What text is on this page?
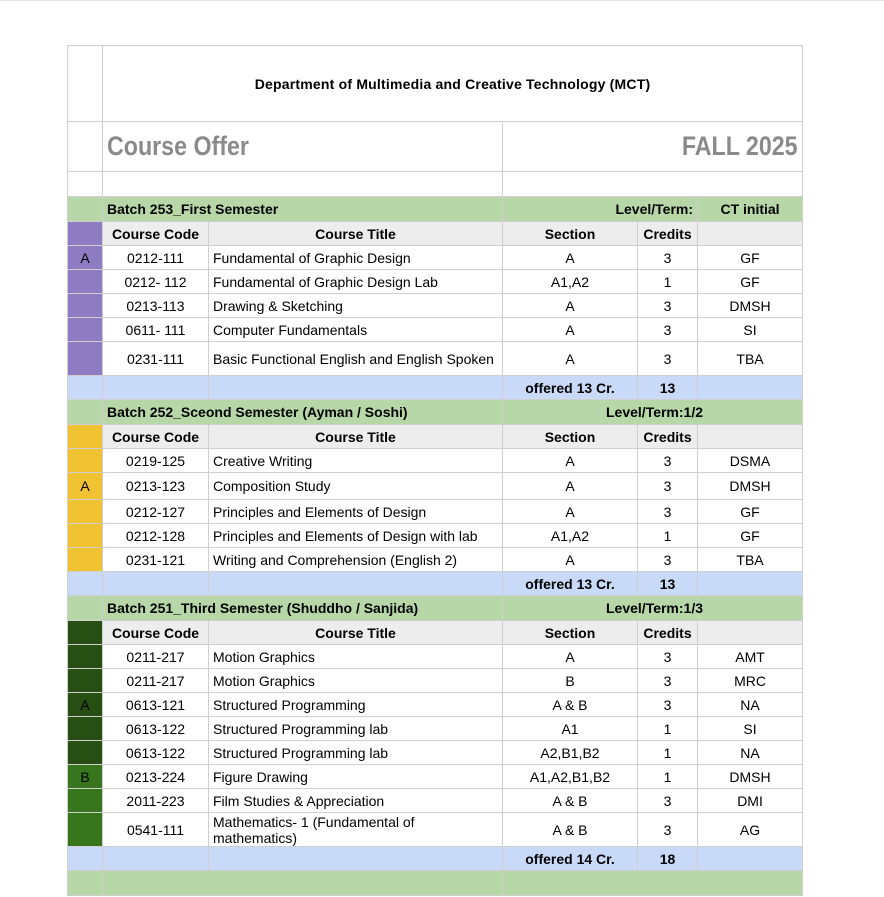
	Department of Multimedia and Creative Technology (MCT)				
	Course Offer		FALL 2025		

	Batch 253_First Semester		Level/Term:		CT initial
	Course Code	Course Title	Section	Credits	
A	0212-111	Fundamental of Graphic Design	A	3	GF
	0212- 112	Fundamental of Graphic Design Lab	A1,A2	1	GF
	0213-113	Drawing & Sketching	A	3	DMSH
	0611- 111	Computer Fundamentals	A	3	SI
	0231-111	Basic Functional English and English Spoken	A	3	TBA
			offered 13 Cr.	13	
	Batch 252_Sceond Semester (Ayman / Soshi)		Level/Term:1/2		
	Course Code	Course Title	Section	Credits	
	0219-125	Creative Writing	A	3	DSMA
A	0213-123	Composition Study	A	3	DMSH
	0212-127	Principles and Elements of Design	A	3	GF
	0212-128	Principles and Elements of Design with lab	A1,A2	1	GF
	0231-121	Writing and Comprehension (English 2)	A	3	TBA
			offered 13 Cr.	13	
	Batch 251_Third Semester (Shuddho / Sanjida)		Level/Term:1/3		
	Course Code	Course Title	Section	Credits	
	0211-217	Motion Graphics	A	3	AMT
	0211-217	Motion Graphics	B	3	MRC
A	0613-121	Structured Programming	A & B	3	NA
	0613-122	Structured Programming lab	A1	1	SI
	0613-122	Structured Programming lab	A2,B1,B2	1	NA
B	0213-224	Figure Drawing	A1,A2,B1,B2	1	DMSH
	2011-223	Film Studies & Appreciation	A & B	3	DMI
	0541-111	Mathematics- 1 (Fundamental of mathematics)	A & B	3	AG
			offered 14 Cr.	18	
